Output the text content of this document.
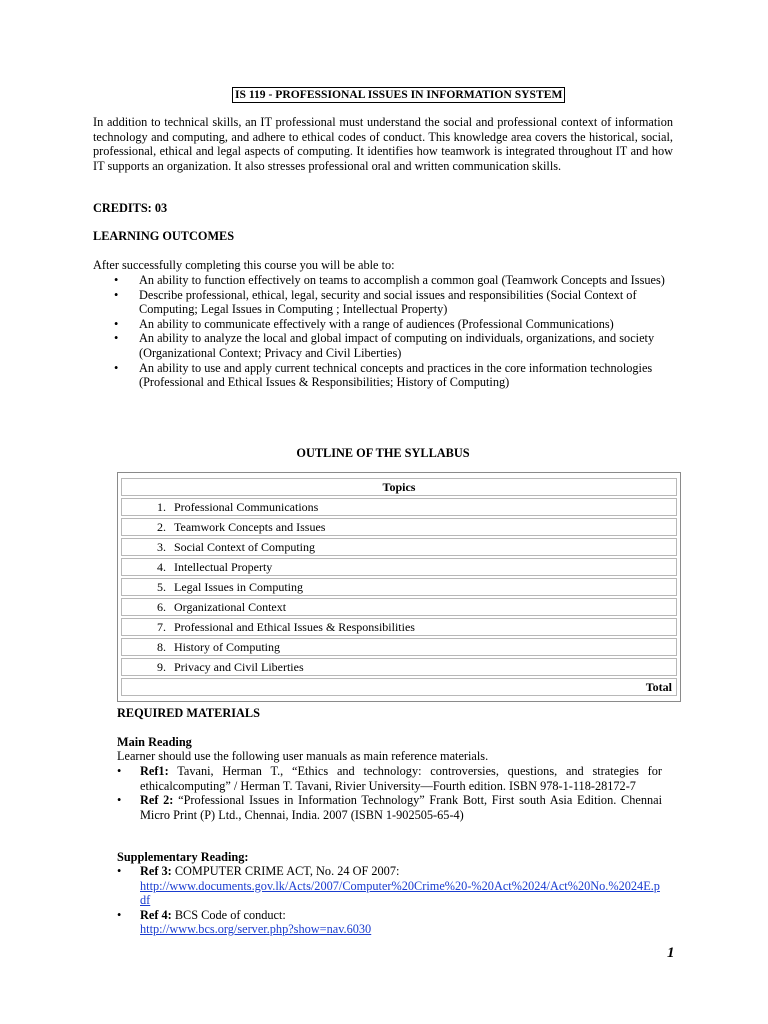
IS 119 - PROFESSIONAL ISSUES IN INFORMATION SYSTEM

In addition to technical skills, an IT professional must understand the social and professional context of information technology and computing, and adhere to ethical codes of conduct. This knowledge area covers the historical, social, professional, ethical and legal aspects of computing. It identifies how teamwork is integrated throughout IT and how IT supports an organization. It also stresses professional oral and written communication skills.

CREDITS: 03
LEARNING OUTCOMES
After successfully completing this course you will be able to:
• An ability to function effectively on teams to accomplish a common goal (Teamwork Concepts and Issues)
• Describe professional, ethical, legal, security and social issues and responsibilities (Social Context of Computing; Legal Issues in Computing ; Intellectual Property)
• An ability to communicate effectively with a range of audiences (Professional Communications)
• An ability to analyze the local and global impact of computing on individuals, organizations, and society (Organizational Context; Privacy and Civil Liberties)
• An ability to use and apply current technical concepts and practices in the core information technologies (Professional and Ethical Issues & Responsibilities; History of Computing)
OUTLINE OF THE SYLLABUS
Topics
1. Professional Communications
2. Teamwork Concepts and Issues
3. Social Context of Computing
4. Intellectual Property
5. Legal Issues in Computing
6. Organizational Context
7. Professional and Ethical Issues & Responsibilities
8. History of Computing
9. Privacy and Civil Liberties
Total
REQUIRED MATERIALS
Main Reading
Learner should use the following user manuals as main reference materials.
• Ref1: Tavani, Herman T., “Ethics and technology: controversies, questions, and strategies for ethicalcomputing” / Herman T. Tavani, Rivier University—Fourth edition. ISBN 978-1-118-28172-7
• Ref 2: “Professional Issues in Information Technology” Frank Bott, First south Asia Edition. Chennai Micro Print (P) Ltd., Chennai, India. 2007 (ISBN 1-902505-65-4)
Supplementary Reading:
• Ref 3: COMPUTER CRIME ACT, No. 24 OF 2007:
http://www.documents.gov.lk/Acts/2007/Computer%20Crime%20-%20Act%2024/Act%20No.%2024E.pdf
• Ref 4: BCS Code of conduct:
http://www.bcs.org/server.php?show=nav.6030
1
